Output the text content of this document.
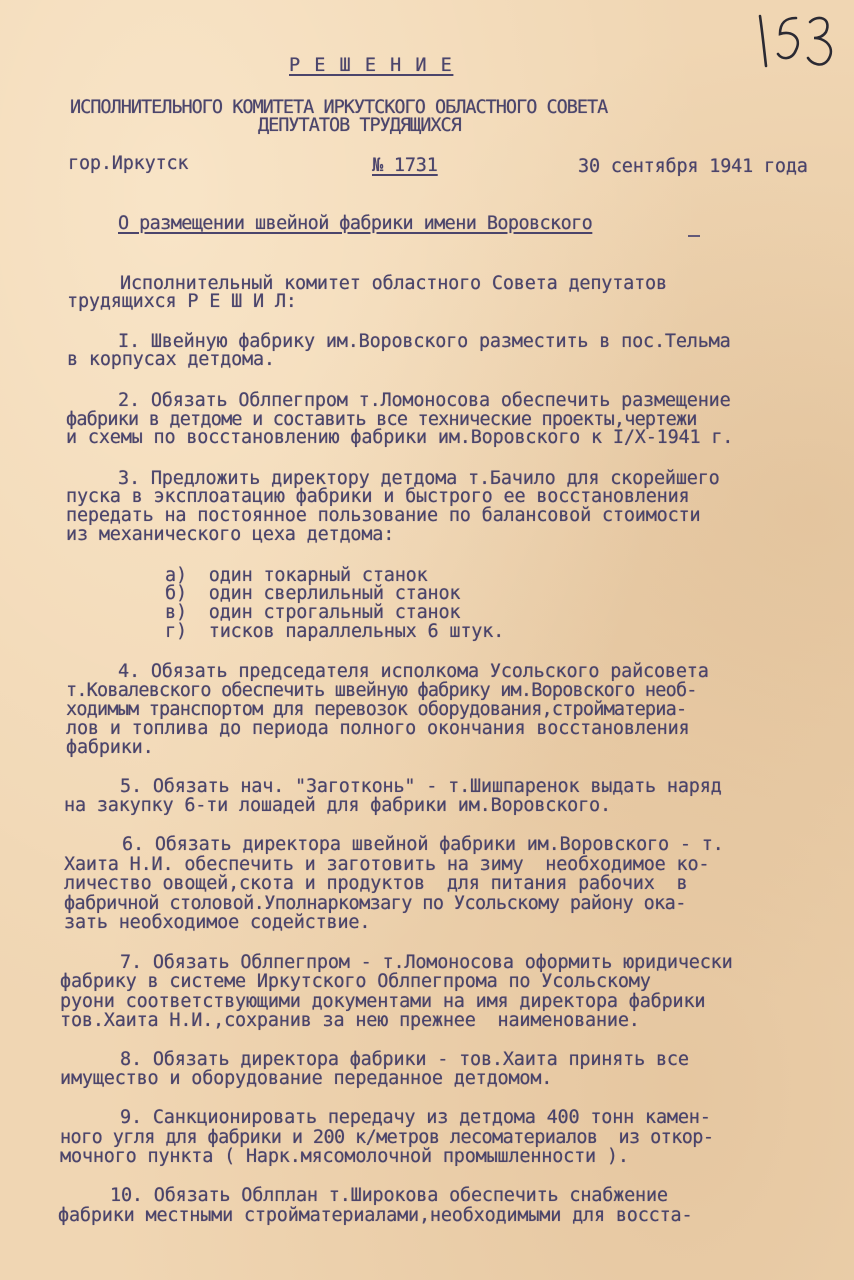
Р Е Ш Е Н И Е
ИСПОЛНИТЕЛЬНОГО КОМИТЕТА ИРКУТСКОГО ОБЛАСТНОГО СОВЕТА
ДЕПУТАТОВ ТРУДЯЩИХСЯ
гор.Иркутск	№ 1731	30 сентября 1941 года
О размещении швейной фабрики имени Воровского
Исполнительный комитет областного Совета депутатов
трудящихся Р Е Ш И Л:
I. Швейную фабрику им.Воровского разместить в пос.Тельма
в корпусах детдома.
2. Обязать Облпегпром т.Ломоносова обеспечить размещение
фабрики в детдоме и составить все технические проекты,чертежи
и схемы по восстановлению фабрики им.Воровского к I/X-1941 г.
3. Предложить директору детдома т.Бачило для скорейшего
пуска в эксплоатацию фабрики и быстрого ее восстановления
передать на постоянное пользование по балансовой стоимости
из механического цеха детдома:
а)  один токарный станок
б)  один сверлильный станок
в)  один строгальный станок
г)  тисков параллельных 6 штук.
4. Обязать председателя исполкома Усольского райсовета
т.Ковалевского обеспечить швейную фабрику им.Воровского необ-
ходимым транспортом для перевозок оборудования,стройматериа-
лов и топлива до периода полного окончания восстановления
фабрики.
5. Обязать нач. "Заготконь" - т.Шишпаренок выдать наряд
на закупку 6-ти лошадей для фабрики им.Воровского.
6. Обязать директора швейной фабрики им.Воровского - т.
Хаита Н.И. обеспечить и заготовить на зиму  необходимое ко-
личество овощей,скота и продуктов  для питания рабочих  в
фабричной столовой.Уполнаркомзагу по Усольскому району ока-
зать необходимое содействие.
7. Обязать Облпегпром - т.Ломоносова оформить юридически
фабрику в системе Иркутского Облпегпрома по Усольскому
руони соответствующими документами на имя директора фабрики
тов.Хаита Н.И.,сохранив за нею прежнее  наименование.
8. Обязать директора фабрики - тов.Хаита принять все
имущество и оборудование переданное детдомом.
9. Санкционировать передачу из детдома 400 тонн камен-
ного угля для фабрики и 200 к/метров лесоматериалов  из откор-
мочного пункта ( Нарк.мясомолочной промышленности ).
10. Обязать Облплан т.Широкова обеспечить снабжение
фабрики местными стройматериалами,необходимыми для восста-
